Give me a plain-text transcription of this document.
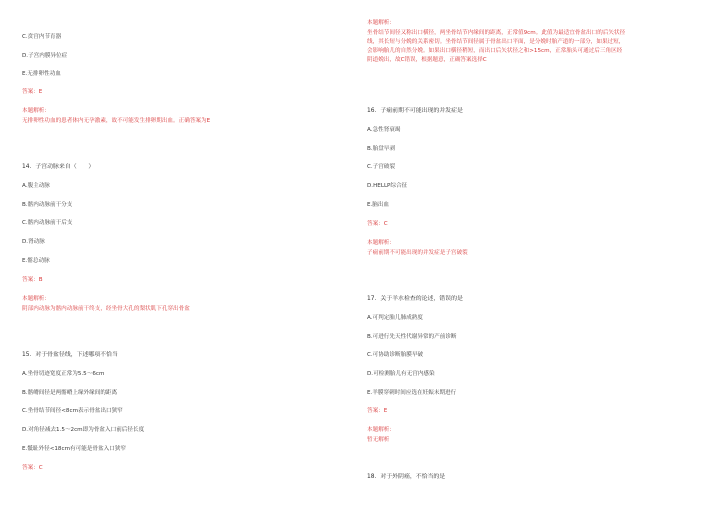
C.贲宫内节育器
D.子宫内膜异位症
E.无排卵性功血
答案：E
本题解析：
无排卵性功血的患者体内无孕激素，故不可能发生排卵期出血。正确答案为E
14．子宫动脉来自（　　）
A.腹主动脉
B.髂内动脉前干分支
C.髂内动脉前干后支
D.肾动脉
E.髂总动脉
答案：B
本题解析：
阴部内动脉为髂内动脉前干终支，经坐骨大孔的梨状肌下孔穿出骨盆
15．对于骨盆径线，下述哪项不恰当
A.坐骨切迹宽度正常为5.5～6cm
B.髂嵴间径是两髂嵴上缘外缘间的距离
C.坐骨结节间径<8cm表示骨盆出口狭窄
D.对角径减去1.5～2cm即为骨盆入口前后径长度
E.骶耻外径<18cm有可能是骨盆入口狭窄
答案：C
本题解析：
坐骨结节间径又称出口横径，两坐骨结节内缘间的距离，正常值9cm。此值为最适宜骨盆出口的后矢状径
线，其长短与分娩的关系密切。坐骨结节间径属于骨盆出口平面，是分娩时胎产道的一部分，如果过短，
会影响胎儿的自然分娩。如果出口横径稍短，而出口后矢状径之和>15cm，正常胎头可通过后三角区经
阴道娩出，故C错误，根据题意，正确答案选择C
16．子痫前期不可能出现的并发症是
A.急性肾衰竭
B.胎盘早剥
C.子宫破裂
D.HELLP综合征
E.脑出血
答案：C
本题解析：
子痫前期不可能出现的并发症是子宫破裂
17．关于羊水检查的论述，错误的是
A.可判定胎儿肺成熟度
B.可进行先天性代谢异常的产前诊断
C.可协助诊断胎膜早破
D.可检测胎儿有无宫内感染
E.羊膜穿刺时间应选在妊娠末期进行
答案：E
本题解析：
暂无解析
18．对于外阴癌，不恰当的是
